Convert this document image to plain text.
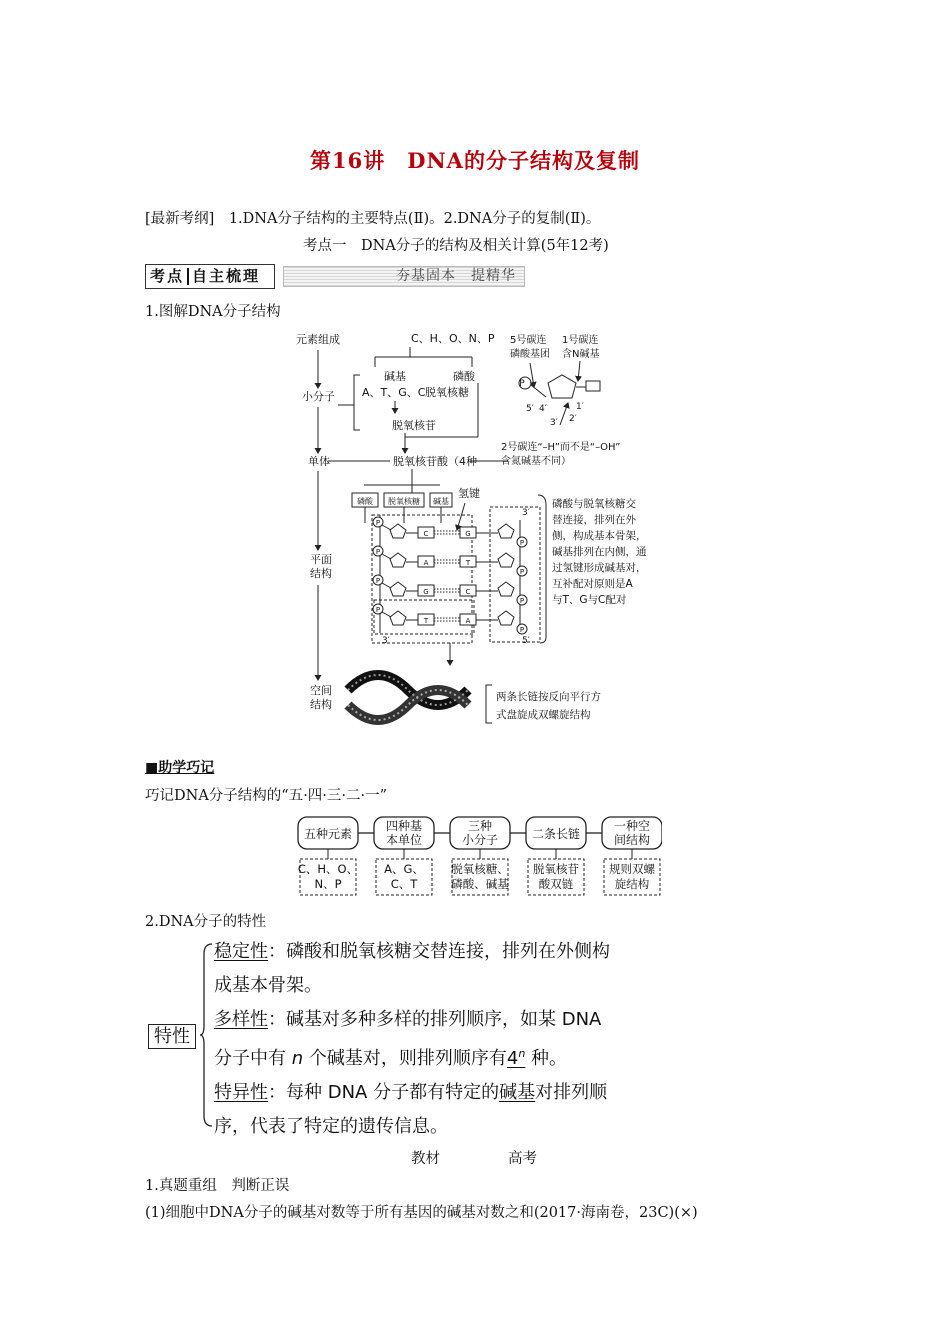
第16讲　DNA的分子结构及复制
[最新考纲]　1.DNA分子结构的主要特点(Ⅱ)。2.DNA分子的复制(Ⅱ)。
考点一　DNA分子的结构及相关计算(5年12考)
考点 自主梳理	夯基固本　提精华
1.图解DNA分子结构
元素组成
小分子
单体
平面
结构
空间
结构
C、H、O、N、P
碱基	磷酸
A、T、G、C 脱氧核糖
脱氧核苷
脱氧核苷酸（4种
5号碳连
磷酸基团
1号碳连
含N碱基
2号碳连“–H”而不是“–OH”
含氮碱基不同）
P
5′ 4′	1′
3′ 2′
磷酸 脱氧核糖 碱基
氢键
P
C	G
P
P
A	T
P
P
G	C
P
P
T	A
P
3′
3′
5′
磷酸与脱氧核糖交
替连接，排列在外
侧，构成基本骨架，
碱基排列在内侧，通
过氢键形成碱基对，
互补配对原则是A
与T、G与C配对
两条长链按反向平行方
式盘旋成双螺旋结构
■助学巧记
巧记DNA分子结构的“五·四·三·二·一”
五种元素
C、H、O、
N、P
四种基
本单位
A、G、
C、T
三种
小分子
脱氧核糖、
磷酸、碱基
二条长链
脱氧核苷
酸双链
一种空
间结构
规则双螺
旋结构
2.DNA分子的特性
特性
稳定性：磷酸和脱氧核糖交替连接，排列在外侧构
成基本骨架。
多样性：碱基对多种多样的排列顺序，如某 DNA
分子中有 n 个碱基对，则排列顺序有4$^n$ 种。
特异性：每种 DNA 分子都有特定的碱基对排列顺
序，代表了特定的遗传信息。
教材	高考
1.真题重组　判断正误
(1)细胞中DNA分子的碱基对数等于所有基因的碱基对数之和(2017·海南卷，23C)(×)
